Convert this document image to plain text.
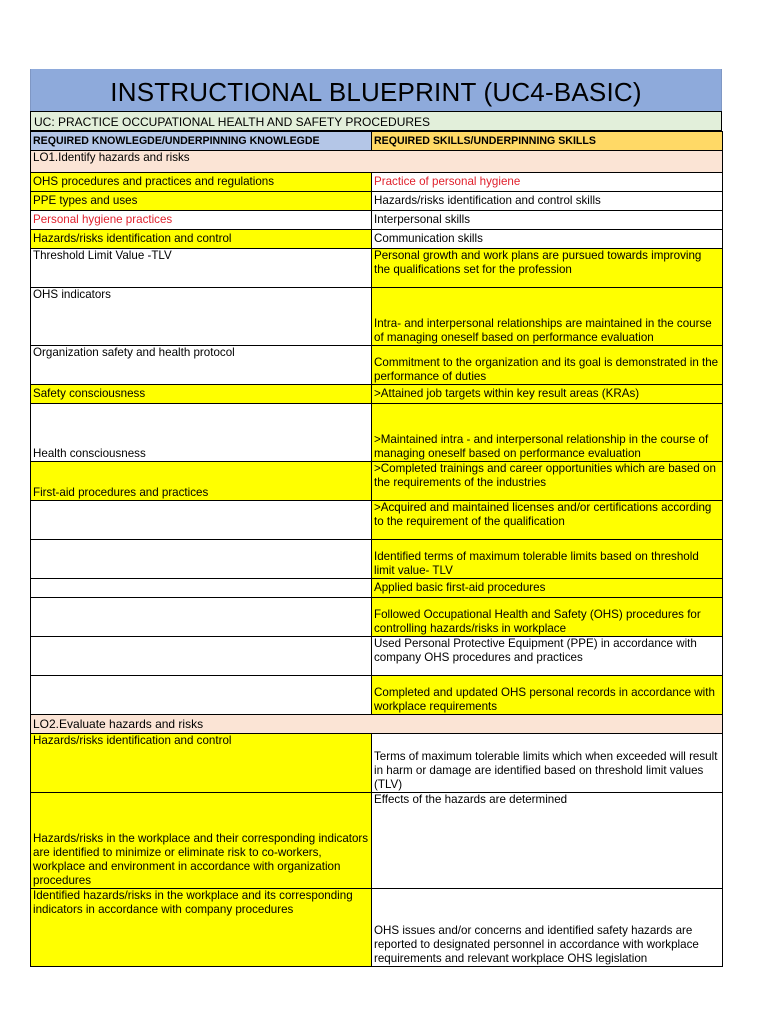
INSTRUCTIONAL BLUEPRINT (UC4-BASIC)
UC: PRACTICE OCCUPATIONAL HEALTH AND SAFETY PROCEDURES
REQUIRED KNOWLEGDE/UNDERPINNING KNOWLEGDE	REQUIRED SKILLS/UNDERPINNING SKILLS
LO1.Identify hazards and risks	
OHS procedures and practices and regulations	Practice of personal hygiene
PPE types and uses	Hazards/risks identification and control skills
Personal hygiene practices	Interpersonal skills
Hazards/risks identification and control	Communication skills
Threshold Limit Value -TLV	Personal growth and work plans are pursued towards improving the qualifications set for the profession
OHS indicators	Intra- and interpersonal relationships are maintained in the course of managing oneself based on performance evaluation
Organization safety and health protocol	Commitment to the organization and its goal is demonstrated in the performance of duties
Safety consciousness	>Attained job targets within key result areas (KRAs)
Health consciousness	>Maintained intra - and interpersonal relationship in the course of managing oneself based on performance evaluation
First-aid procedures and practices	>Completed trainings and career opportunities which are based on the requirements of the industries
	>Acquired and maintained licenses and/or certifications according to the requirement of the qualification
	Identified terms of maximum tolerable limits based on threshold limit value- TLV
	Applied basic first-aid procedures
	Followed Occupational Health and Safety (OHS) procedures for controlling hazards/risks in workplace
	Used Personal Protective Equipment (PPE) in accordance with company OHS procedures and practices
	Completed and updated OHS personal records in accordance with workplace requirements
LO2.Evaluate hazards and risks	
Hazards/risks identification and control	Terms of maximum tolerable limits which when exceeded will result in harm or damage are identified based on threshold limit values (TLV)
Hazards/risks in the workplace and their corresponding indicators are identified to minimize or eliminate risk to co-workers, workplace and environment in accordance with organization procedures	Effects of the hazards are determined
Identified hazards/risks in the workplace and its corresponding indicators in accordance with company procedures	OHS issues and/or concerns and identified safety hazards are reported to designated personnel in accordance with workplace requirements and relevant workplace OHS legislation
